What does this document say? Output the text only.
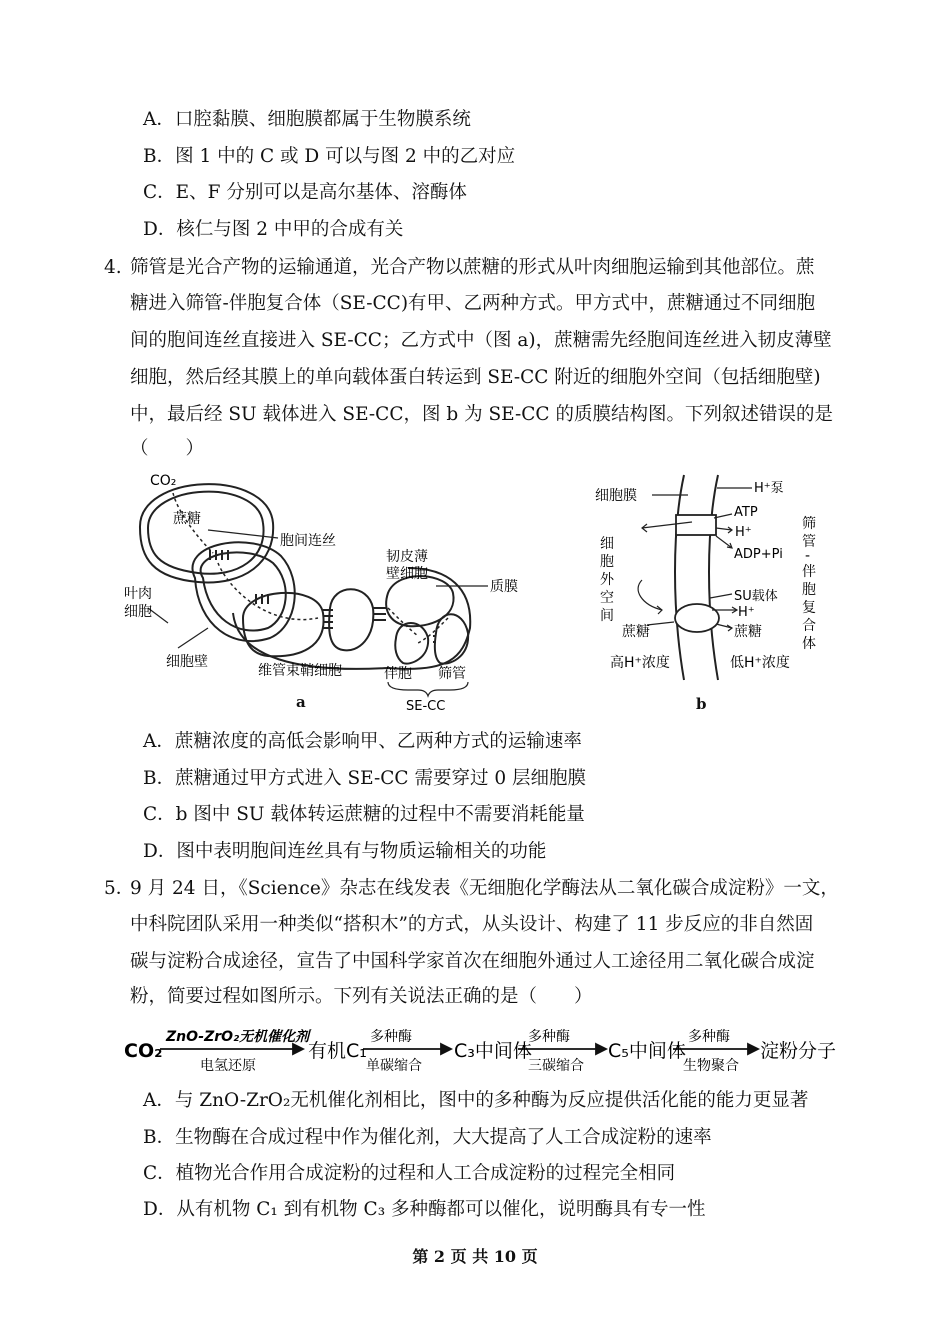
A．口腔黏膜、细胞膜都属于生物膜系统
B．图 1 中的 C 或 D 可以与图 2 中的乙对应
C．E、F 分别可以是高尔基体、溶酶体
D．核仁与图 2 中甲的合成有关
4. 筛管是光合产物的运输通道，光合产物以蔗糖的形式从叶肉细胞运输到其他部位。蔗
糖进入筛管-伴胞复合体（SE-CC)有甲、乙两种方式。甲方式中，蔗糖通过不同细胞
间的胞间连丝直接进入 SE-CC；乙方式中（图 a)，蔗糖需先经胞间连丝进入韧皮薄壁
细胞，然后经其膜上的单向载体蛋白转运到 SE-CC 附近的细胞外空间（包括细胞壁)
中，最后经 SU 载体进入 SE-CC，图 b 为 SE-CC 的质膜结构图。下列叙述错误的是
（　　）
CO₂
蔗糖
胞间连丝
韧皮薄
壁细胞
质膜
叶肉
细胞
细胞壁
维管束鞘细胞	伴胞 筛管
SE-CC
a
细胞膜	H⁺泵
ATP
H⁺
ADP+Pi
细
胞
外
空
间
筛
管
-
伴
胞
复
合
体
SU载体
H⁺
蔗糖	蔗糖
高H⁺浓度	低H⁺浓度
b
A．蔗糖浓度的高低会影响甲、乙两种方式的运输速率
B．蔗糖通过甲方式进入 SE-CC 需要穿过 0 层细胞膜
C．b 图中 SU 载体转运蔗糖的过程中不需要消耗能量
D．图中表明胞间连丝具有与物质运输相关的功能
5．
9 月 24 日，《Science》杂志在线发表《无细胞化学酶法从二氧化碳合成淀粉》一文，
中科院团队采用一种类似“搭积木”的方式，从头设计、构建了 11 步反应的非自然固
碳与淀粉合成途径，宣告了中国科学家首次在细胞外通过人工途径用二氧化碳合成淀
粉，简要过程如图所示。下列有关说法正确的是（　　）
CO₂
ZnO-ZrO₂无机催化剂
电氢还原
有机C₁
多种酶
单碳缩合
C₃中间体
多种酶
三碳缩合
C₅中间体
多种酶
生物聚合
淀粉分子
A．与 ZnO-ZrO₂无机催化剂相比，图中的多种酶为反应提供活化能的能力更显著
B．生物酶在合成过程中作为催化剂，大大提高了人工合成淀粉的速率
C．植物光合作用合成淀粉的过程和人工合成淀粉的过程完全相同
D．从有机物 C₁ 到有机物 C₃ 多种酶都可以催化，说明酶具有专一性
第 2 页 共 10 页
